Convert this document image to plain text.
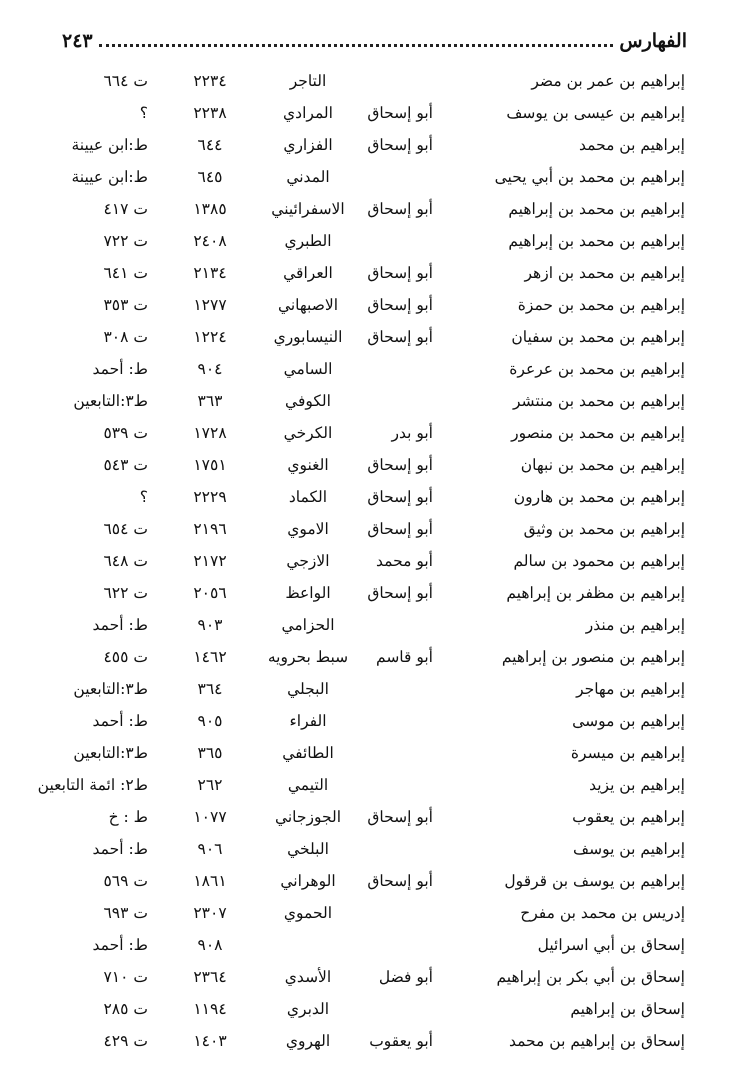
الفهارس
٢٤٣
إبراهيم بن عمر بن مضر
التاجر
٢٢٣٤
ت ٦٦٤
إبراهيم بن عيسى بن يوسف
أبو إسحاق
المرادي
٢٢٣٨
؟
إبراهيم بن محمد
أبو إسحاق
الفزاري
٦٤٤
ط:ابن عيينة
إبراهيم بن محمد بن أبي يحيى
المدني
٦٤٥
ط:ابن عيينة
إبراهيم بن محمد بن إبراهيم
أبو إسحاق
الاسفرائيني
١٣٨٥
ت ٤١٧
إبراهيم بن محمد بن إبراهيم
الطبري
٢٤٠٨
ت ٧٢٢
إبراهيم بن محمد بن ازهر
أبو إسحاق
العراقي
٢١٣٤
ت ٦٤١
إبراهيم بن محمد بن حمزة
أبو إسحاق
الاصبهاني
١٢٧٧
ت ٣٥٣
إبراهيم بن محمد بن سفيان
أبو إسحاق
النيسابوري
١٢٢٤
ت ٣٠٨
إبراهيم بن محمد بن عرعرة
السامي
٩٠٤
ط: أحمد
إبراهيم بن محمد بن منتشر
الكوفي
٣٦٣
ط٣:التابعين
إبراهيم بن محمد بن منصور
أبو بدر
الكرخي
١٧٢٨
ت ٥٣٩
إبراهيم بن محمد بن نبهان
أبو إسحاق
الغنوي
١٧٥١
ت ٥٤٣
إبراهيم بن محمد بن هارون
أبو إسحاق
الكماد
٢٢٢٩
؟
إبراهيم بن محمد بن وثيق
أبو إسحاق
الاموي
٢١٩٦
ت ٦٥٤
إبراهيم بن محمود بن سالم
أبو محمد
الازجي
٢١٧٢
ت ٦٤٨
إبراهيم بن مظفر بن إبراهيم
أبو إسحاق
الواعظ
٢٠٥٦
ت ٦٢٢
إبراهيم بن منذر
الحزامي
٩٠٣
ط: أحمد
إبراهيم بن منصور بن إبراهيم
أبو قاسم
سبط بحرويه
١٤٦٢
ت ٤٥٥
إبراهيم بن مهاجر
البجلي
٣٦٤
ط٣:التابعين
إبراهيم بن موسى
الفراء
٩٠٥
ط: أحمد
إبراهيم بن ميسرة
الطائفي
٣٦٥
ط٣:التابعين
إبراهيم بن يزيد
التيمي
٢٦٢
ط٢: ائمة التابعين
إبراهيم بن يعقوب
أبو إسحاق
الجوزجاني
١٠٧٧
ط : خ
إبراهيم بن يوسف
البلخي
٩٠٦
ط: أحمد
إبراهيم بن يوسف بن قرقول
أبو إسحاق
الوهراني
١٨٦١
ت ٥٦٩
إدريس بن محمد بن مفرح
الحموي
٢٣٠٧
ت ٦٩٣
إسحاق بن أبي اسرائيل
٩٠٨
ط: أحمد
إسحاق بن أبي بكر بن إبراهيم
أبو فضل
الأسدي
٢٣٦٤
ت ٧١٠
إسحاق بن إبراهيم
الدبري
١١٩٤
ت ٢٨٥
إسحاق بن إبراهيم بن محمد
أبو يعقوب
الهروي
١٤٠٣
ت ٤٢٩
